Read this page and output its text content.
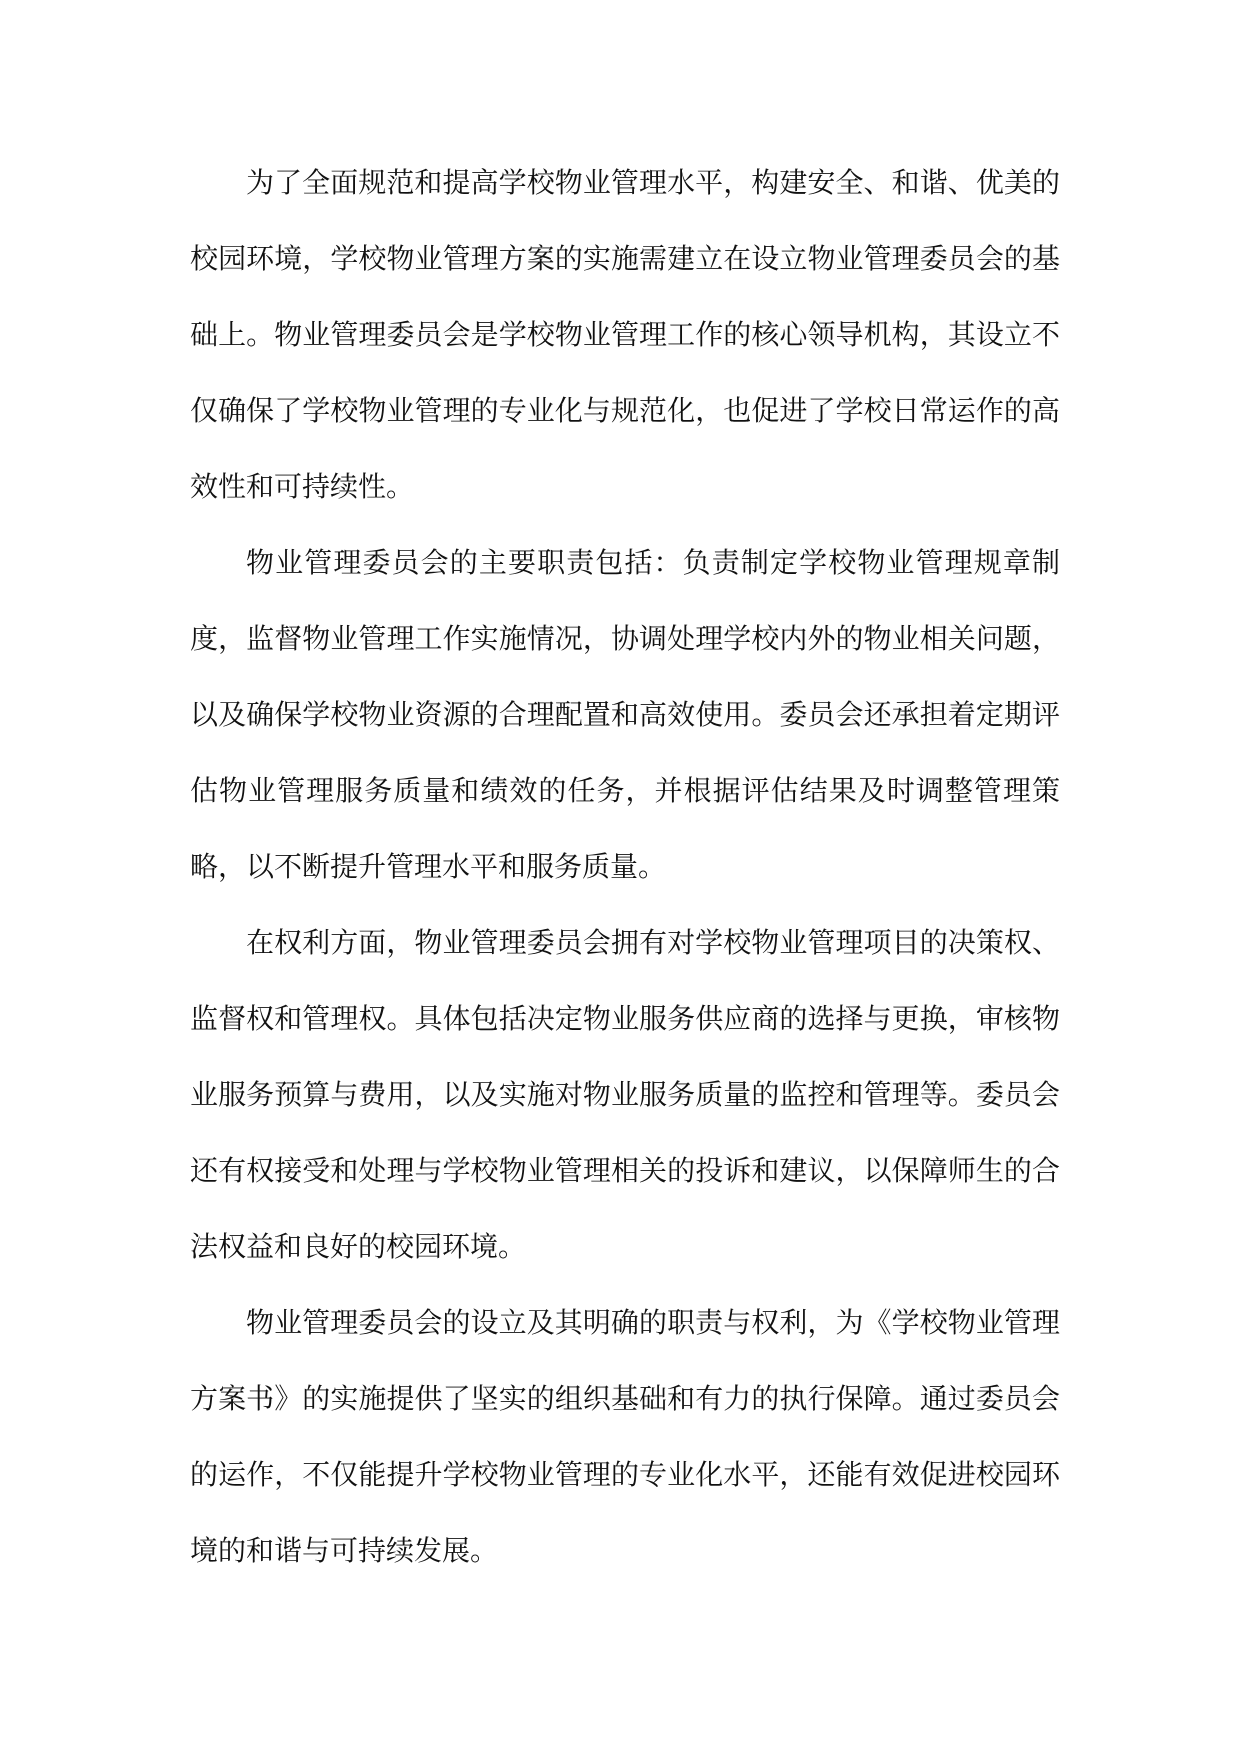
为了全面规范和提高学校物业管理水平，构建安全、和谐、优美的校园环境，学校物业管理方案的实施需建立在设立物业管理委员会的基础上。物业管理委员会是学校物业管理工作的核心领导机构，其设立不仅确保了学校物业管理的专业化与规范化，也促进了学校日常运作的高效性和可持续性。

物业管理委员会的主要职责包括：负责制定学校物业管理规章制度，监督物业管理工作实施情况，协调处理学校内外的物业相关问题，以及确保学校物业资源的合理配置和高效使用。委员会还承担着定期评估物业管理服务质量和绩效的任务，并根据评估结果及时调整管理策略，以不断提升管理水平和服务质量。

在权利方面，物业管理委员会拥有对学校物业管理项目的决策权、监督权和管理权。具体包括决定物业服务供应商的选择与更换，审核物业服务预算与费用，以及实施对物业服务质量的监控和管理等。委员会还有权接受和处理与学校物业管理相关的投诉和建议，以保障师生的合法权益和良好的校园环境。

物业管理委员会的设立及其明确的职责与权利，为《学校物业管理方案书》的实施提供了坚实的组织基础和有力的执行保障。通过委员会的运作，不仅能提升学校物业管理的专业化水平，还能有效促进校园环境的和谐与可持续发展。
